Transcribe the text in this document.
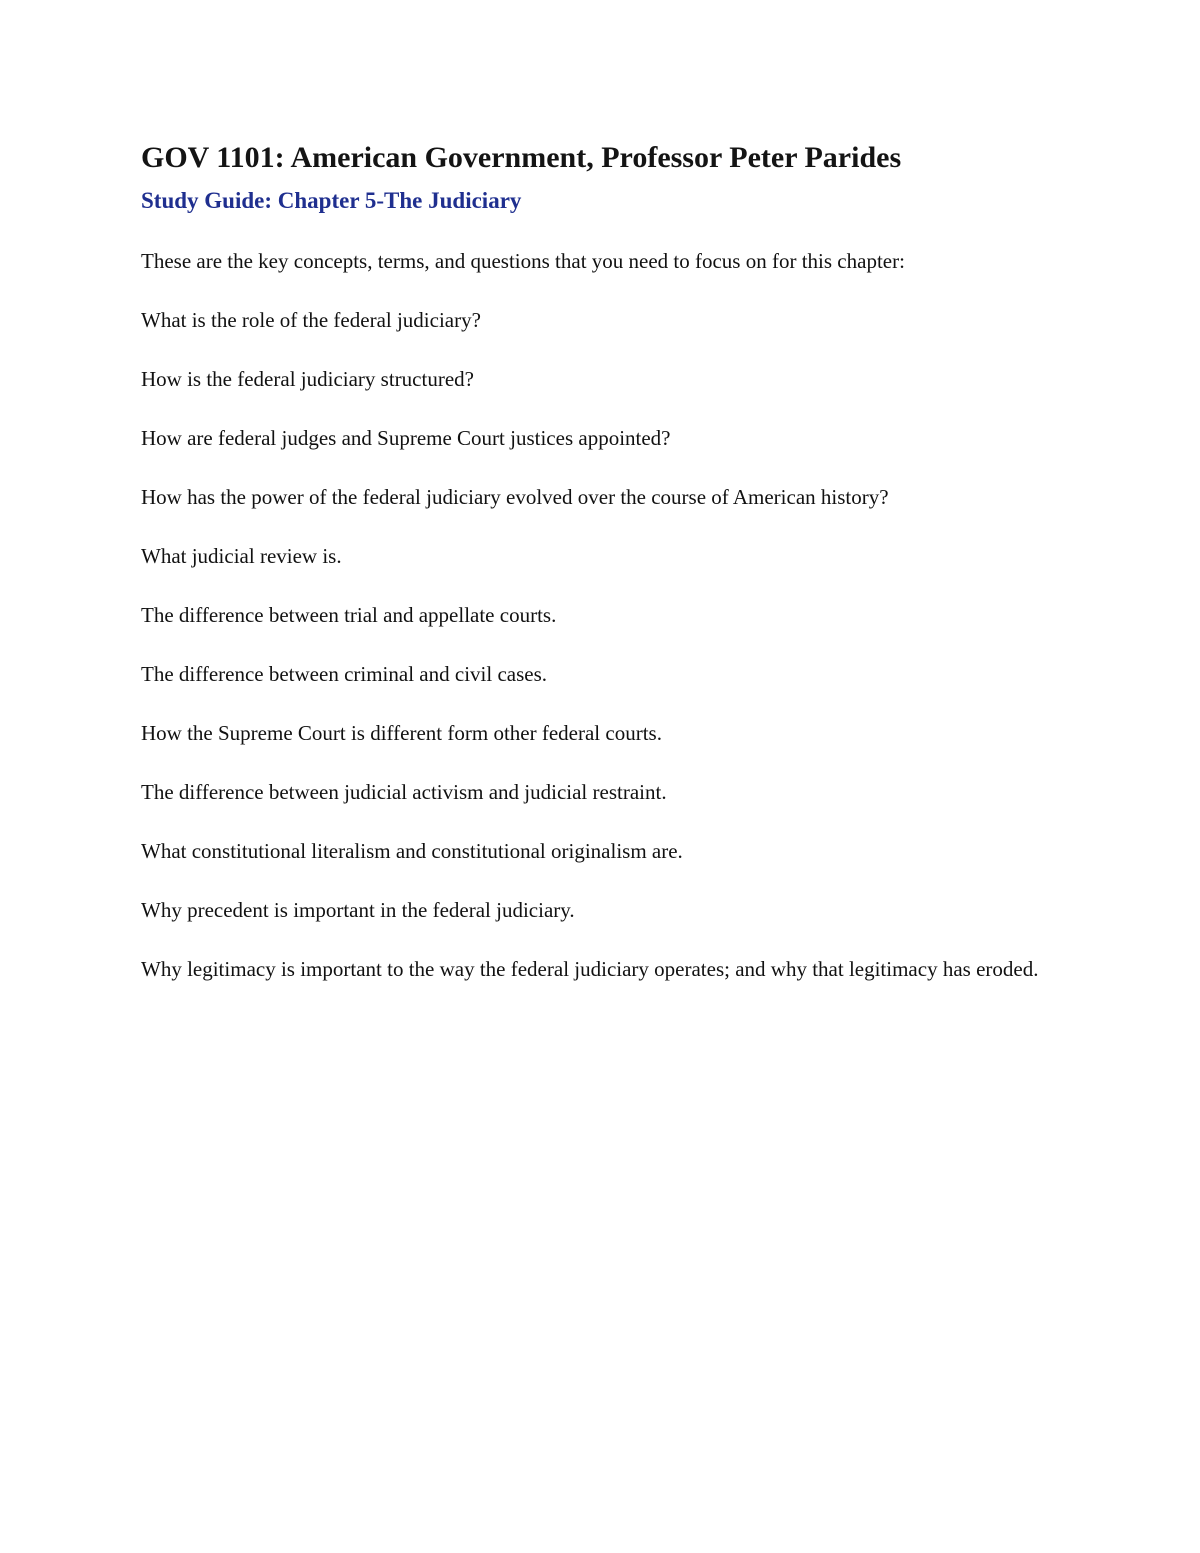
GOV 1101: American Government, Professor Peter Parides
Study Guide: Chapter 5-The Judiciary

These are the key concepts, terms, and questions that you need to focus on for this chapter:

What is the role of the federal judiciary?
How is the federal judiciary structured?
How are federal judges and Supreme Court justices appointed?
How has the power of the federal judiciary evolved over the course of American history?
What judicial review is.
The difference between trial and appellate courts.
The difference between criminal and civil cases.
How the Supreme Court is different form other federal courts.
The difference between judicial activism and judicial restraint.
What constitutional literalism and constitutional originalism are.
Why precedent is important in the federal judiciary.
Why legitimacy is important to the way the federal judiciary operates; and why that legitimacy has eroded.
